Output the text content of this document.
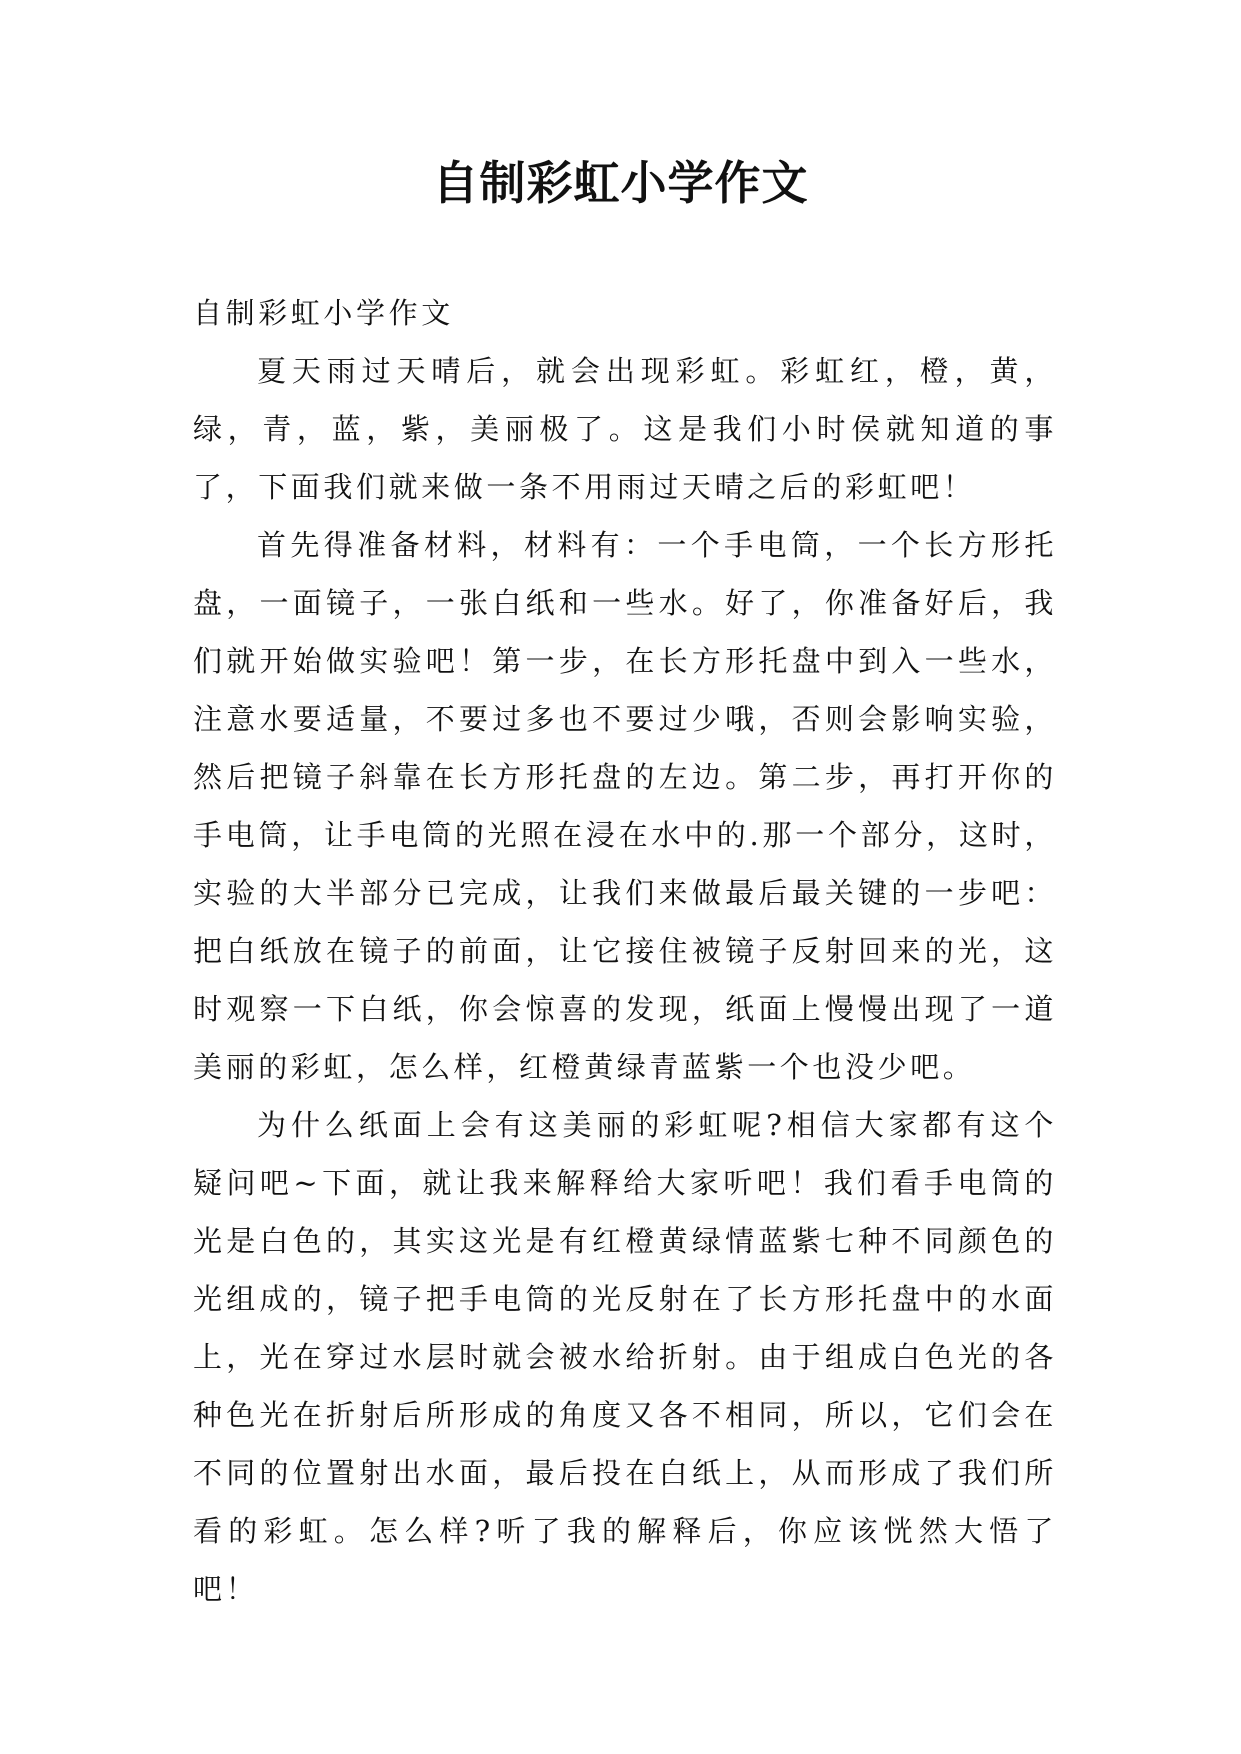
自制彩虹小学作文

自制彩虹小学作文

夏天雨过天晴后，就会出现彩虹。彩虹红，橙，黄，绿，青，蓝，紫，美丽极了。这是我们小时侯就知道的事了，下面我们就来做一条不用雨过天晴之后的彩虹吧！

首先得准备材料，材料有：一个手电筒，一个长方形托盘，一面镜子，一张白纸和一些水。好了，你准备好后，我们就开始做实验吧！第一步，在长方形托盘中到入一些水，注意水要适量，不要过多也不要过少哦，否则会影响实验，然后把镜子斜靠在长方形托盘的左边。第二步，再打开你的手电筒，让手电筒的光照在浸在水中的.那一个部分，这时，实验的大半部分已完成，让我们来做最后最关键的一步吧：把白纸放在镜子的前面，让它接住被镜子反射回来的光，这时观察一下白纸，你会惊喜的发现，纸面上慢慢出现了一道美丽的彩虹，怎么样，红橙黄绿青蓝紫一个也没少吧。

为什么纸面上会有这美丽的彩虹呢?相信大家都有这个疑问吧~下面，就让我来解释给大家听吧！我们看手电筒的光是白色的，其实这光是有红橙黄绿情蓝紫七种不同颜色的光组成的，镜子把手电筒的光反射在了长方形托盘中的水面上，光在穿过水层时就会被水给折射。由于组成白色光的各种色光在折射后所形成的角度又各不相同，所以，它们会在不同的位置射出水面，最后投在白纸上，从而形成了我们所看的彩虹。怎么样?听了我的解释后，你应该恍然大悟了吧！
